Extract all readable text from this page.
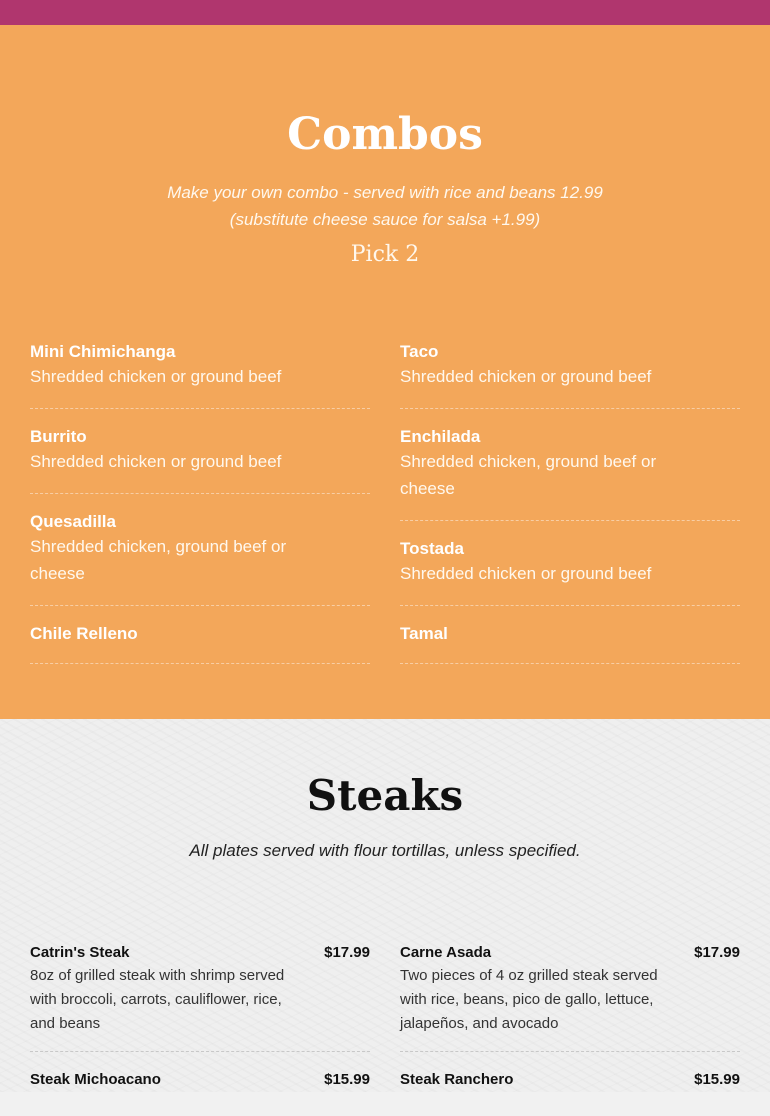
Combos
Make your own combo - served with rice and beans 12.99
(substitute cheese sauce for salsa +1.99)
Pick 2
Mini Chimichanga
Shredded chicken or ground beef
Burrito
Shredded chicken or ground beef
Quesadilla
Shredded chicken, ground beef or cheese
Chile Relleno
Taco
Shredded chicken or ground beef
Enchilada
Shredded chicken, ground beef or cheese
Tostada
Shredded chicken or ground beef
Tamal
Steaks
All plates served with flour tortillas, unless specified.
Catrin's Steak	$17.99
8oz of grilled steak with shrimp served with broccoli, carrots, cauliflower, rice, and beans
Steak Michoacano	$15.99
Carne Asada	$17.99
Two pieces of 4 oz grilled steak served with rice, beans, pico de gallo, lettuce, jalapeños, and avocado
Steak Ranchero	$15.99
